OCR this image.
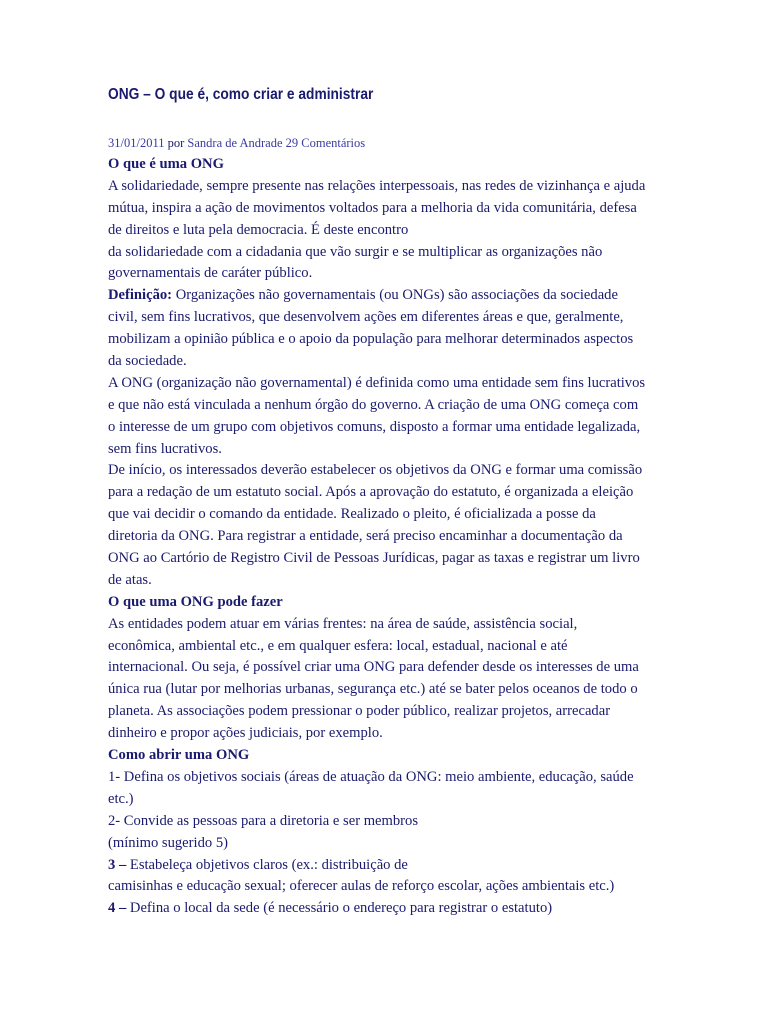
ONG – O que é, como criar e administrar
31/01/2011 por Sandra de Andrade 29 Comentários
O que é uma ONG
A solidariedade, sempre presente nas relações interpessoais, nas redes de vizinhança e ajuda
mútua, inspira a ação de movimentos voltados para a melhoria da vida comunitária, defesa
de direitos e luta pela democracia. É deste encontro
da solidariedade com a cidadania que vão surgir e se multiplicar as organizações não
governamentais de caráter público.
Definição: Organizações não governamentais (ou ONGs) são associações da sociedade
civil, sem fins lucrativos, que desenvolvem ações em diferentes áreas e que, geralmente,
mobilizam a opinião pública e o apoio da população para melhorar determinados aspectos
da sociedade.
A ONG (organização não governamental) é definida como uma entidade sem fins lucrativos
e que não está vinculada a nenhum órgão do governo. A criação de uma ONG começa com
o interesse de um grupo com objetivos comuns, disposto a formar uma entidade legalizada,
sem fins lucrativos.
De início, os interessados deverão estabelecer os objetivos da ONG e formar uma comissão
para a redação de um estatuto social. Após a aprovação do estatuto, é organizada a eleição
que vai decidir o comando da entidade. Realizado o pleito, é oficializada a posse da
diretoria da ONG. Para registrar a entidade, será preciso encaminhar a documentação da
ONG ao Cartório de Registro Civil de Pessoas Jurídicas, pagar as taxas e registrar um livro
de atas.
O que uma ONG pode fazer
As entidades podem atuar em várias frentes: na área de saúde, assistência social,
econômica, ambiental etc., e em qualquer esfera: local, estadual, nacional e até
internacional. Ou seja, é possível criar uma ONG para defender desde os interesses de uma
única rua (lutar por melhorias urbanas, segurança etc.) até se bater pelos oceanos de todo o
planeta. As associações podem pressionar o poder público, realizar projetos, arrecadar
dinheiro e propor ações judiciais, por exemplo.
Como abrir uma ONG
1- Defina os objetivos sociais (áreas de atuação da ONG: meio ambiente, educação, saúde
etc.)
2- Convide as pessoas para a diretoria e ser membros
(mínimo sugerido 5)
3 – Estabeleça objetivos claros (ex.: distribuição de
camisinhas e educação sexual; oferecer aulas de reforço escolar, ações ambientais etc.)
4 – Defina o local da sede (é necessário o endereço para registrar o estatuto)
